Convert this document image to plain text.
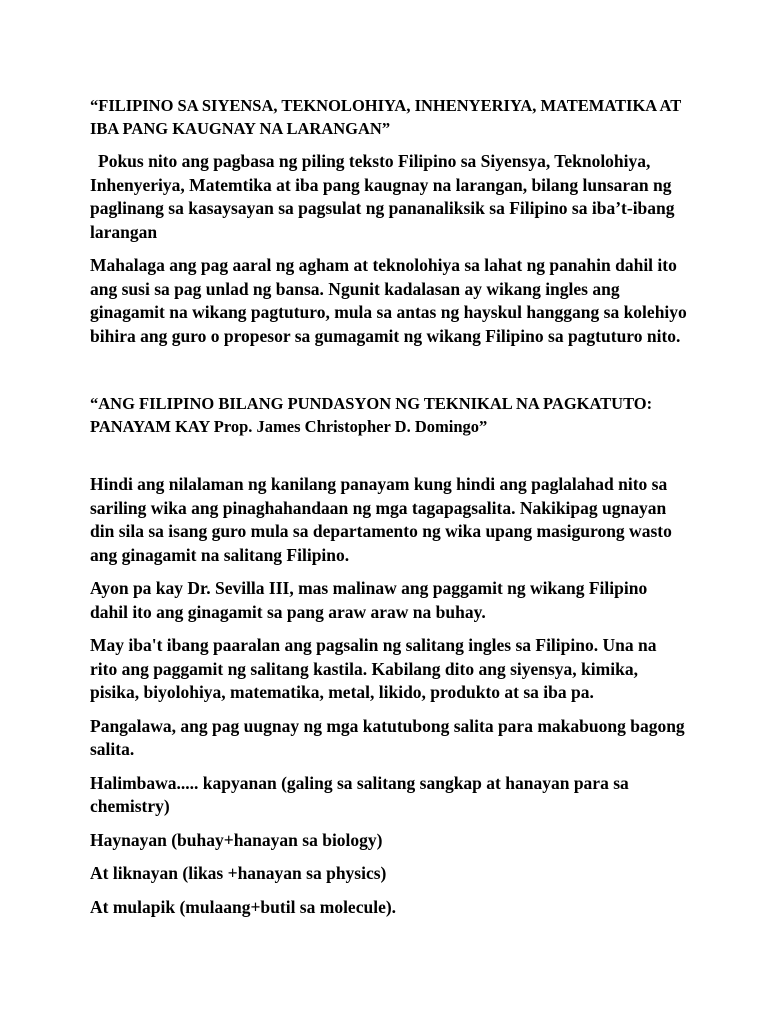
“FILIPINO SA SIYENSA, TEKNOLOHIYA, INHENYERIYA, MATEMATIKA AT IBA PANG KAUGNAY NA LARANGAN”

Pokus nito ang pagbasa ng piling teksto Filipino sa Siyensya, Teknolohiya, Inhenyeriya, Matemtika at iba pang kaugnay na larangan, bilang lunsaran ng paglinang sa kasaysayan sa pagsulat ng pananaliksik sa Filipino sa iba’t-ibang larangan

Mahalaga ang pag aaral ng agham at teknolohiya sa lahat ng panahin dahil ito ang susi sa pag unlad ng bansa. Ngunit kadalasan ay wikang ingles ang ginagamit na wikang pagtuturo, mula sa antas ng hayskul hanggang sa kolehiyo bihira ang guro o propesor sa gumagamit ng wikang Filipino sa pagtuturo nito.

“ANG FILIPINO BILANG PUNDASYON NG TEKNIKAL NA PAGKATUTO: PANAYAM KAY Prop. James Christopher D. Domingo”

Hindi ang nilalaman ng kanilang panayam kung hindi ang paglalahad nito sa sariling wika ang pinaghahandaan ng mga tagapagsalita. Nakikipag ugnayan din sila sa isang guro mula sa departamento ng wika upang masigurong wasto ang ginagamit na salitang Filipino.

Ayon pa kay Dr. Sevilla III, mas malinaw ang paggamit ng wikang Filipino dahil ito ang ginagamit sa pang araw araw na buhay.

May iba't ibang paaralan ang pagsalin ng salitang ingles sa Filipino. Una na rito ang paggamit ng salitang kastila. Kabilang dito ang siyensya, kimika, pisika, biyolohiya, matematika, metal, likido, produkto at sa iba pa.

Pangalawa, ang pag uugnay ng mga katutubong salita para makabuong bagong salita.

Halimbawa..... kapyanan (galing sa salitang sangkap at hanayan para sa chemistry)

Haynayan (buhay+hanayan sa biology)

At liknayan (likas +hanayan sa physics)

At mulapik (mulaang+butil sa molecule).
